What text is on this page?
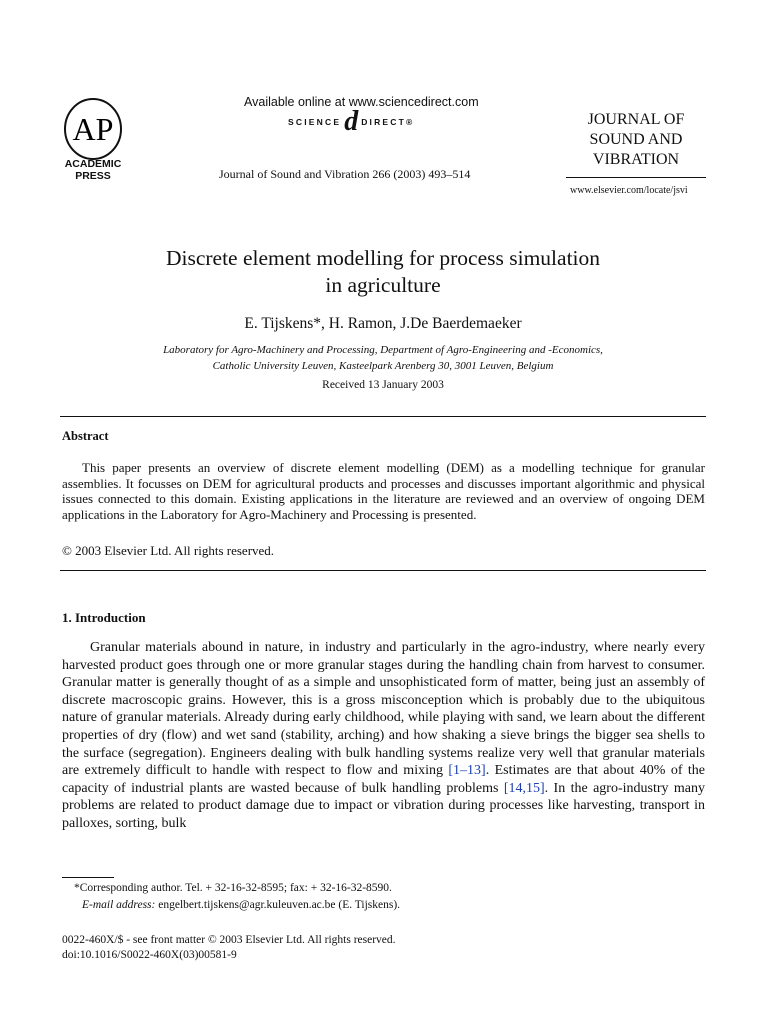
AP
ACADEMIC
PRESS
Available online at www.sciencedirect.com
SCIENCE d DIRECT®
Journal of Sound and Vibration 266 (2003) 493–514
JOURNAL OF
SOUND AND
VIBRATION
www.elsevier.com/locate/jsvi
Discrete element modelling for process simulation
in agriculture
E. Tijskens*, H. Ramon, J.De Baerdemaeker
Laboratory for Agro-Machinery and Processing, Department of Agro-Engineering and -Economics,
Catholic University Leuven, Kasteelpark Arenberg 30, 3001 Leuven, Belgium
Received 13 January 2003
Abstract
This paper presents an overview of discrete element modelling (DEM) as a modelling technique for granular assemblies. It focusses on DEM for agricultural products and processes and discusses important algorithmic and physical issues connected to this domain. Existing applications in the literature are reviewed and an overview of ongoing DEM applications in the Laboratory for Agro-Machinery and Processing is presented.
© 2003 Elsevier Ltd. All rights reserved.
1. Introduction
Granular materials abound in nature, in industry and particularly in the agro-industry, where nearly every harvested product goes through one or more granular stages during the handling chain from harvest to consumer. Granular matter is generally thought of as a simple and unsophisticated form of matter, being just an assembly of discrete macroscopic grains. However, this is a gross misconception which is probably due to the ubiquitous nature of granular materials. Already during early childhood, while playing with sand, we learn about the different properties of dry (flow) and wet sand (stability, arching) and how shaking a sieve brings the bigger sea shells to the surface (segregation). Engineers dealing with bulk handling systems realize very well that granular materials are extremely difficult to handle with respect to flow and mixing [1–13]. Estimates are that about 40% of the capacity of industrial plants are wasted because of bulk handling problems [14,15]. In the agro-industry many problems are related to product damage due to impact or vibration during processes like harvesting, transport in palloxes, sorting, bulk
*Corresponding author. Tel. + 32-16-32-8595; fax: + 32-16-32-8590.
E-mail address: engelbert.tijskens@agr.kuleuven.ac.be (E. Tijskens).
0022-460X/$ - see front matter © 2003 Elsevier Ltd. All rights reserved.
doi:10.1016/S0022-460X(03)00581-9
